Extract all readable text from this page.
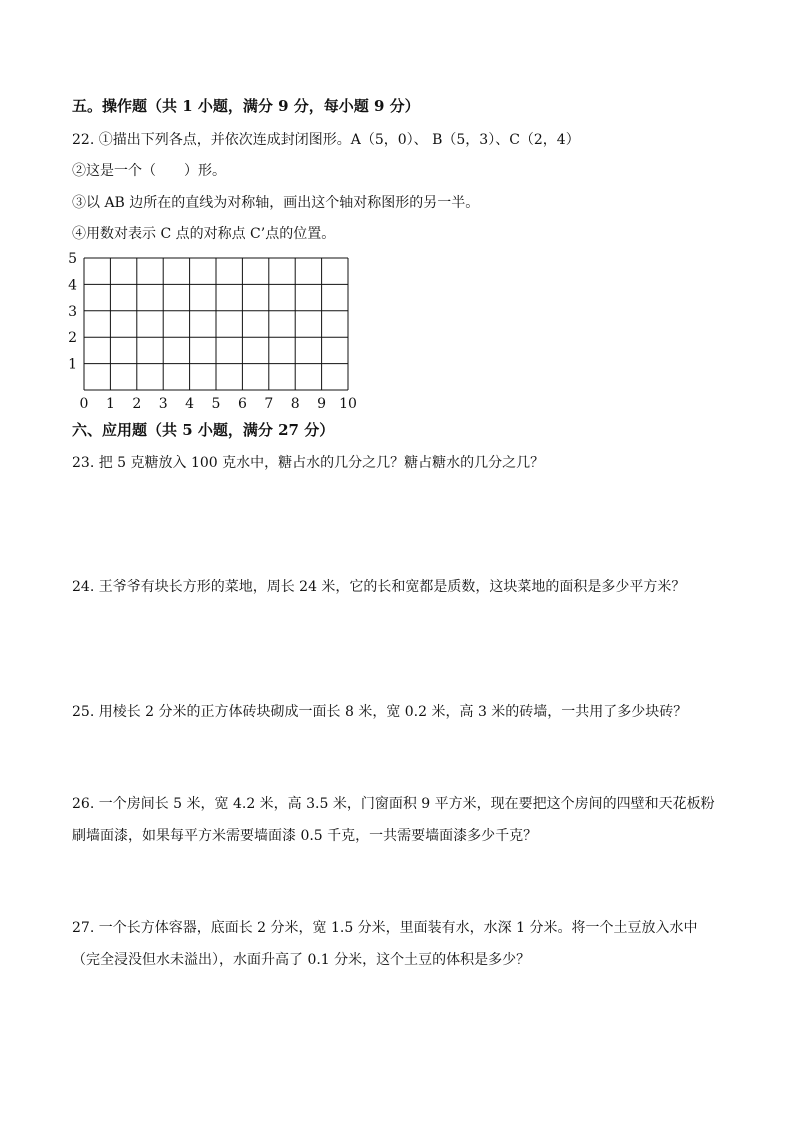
五。操作题（共 1 小题，满分 9 分，每小题 9 分）
22. ①描出下列各点，并依次连成封闭图形。A（5，0）、 B（5，3）、C（2，4）
②这是一个（　　）形。
③以 AB 边所在的直线为对称轴，画出这个轴对称图形的另一半。
④用数对表示 C 点的对称点 C’点的位置。
0 1 2 3 4 5 6 7 8 9 10
1
2
3
4
5
六、应用题（共 5 小题，满分 27 分）
23. 把 5 克糖放入 100 克水中，糖占水的几分之几？糖占糖水的几分之几？
24. 王爷爷有块长方形的菜地，周长 24 米，它的长和宽都是质数，这块菜地的面积是多少平方米？
25. 用棱长 2 分米的正方体砖块砌成一面长 8 米，宽 0.2 米，高 3 米的砖墙，一共用了多少块砖？
26. 一个房间长 5 米，宽 4.2 米，高 3.5 米，门窗面积 9 平方米，现在要把这个房间的四壁和天花板粉刷墙面漆，如果每平方米需要墙面漆 0.5 千克，一共需要墙面漆多少千克？
27. 一个长方体容器，底面长 2 分米，宽 1.5 分米，里面装有水，水深 1 分米。将一个土豆放入水中（完全浸没但水未溢出），水面升高了 0.1 分米，这个土豆的体积是多少？
